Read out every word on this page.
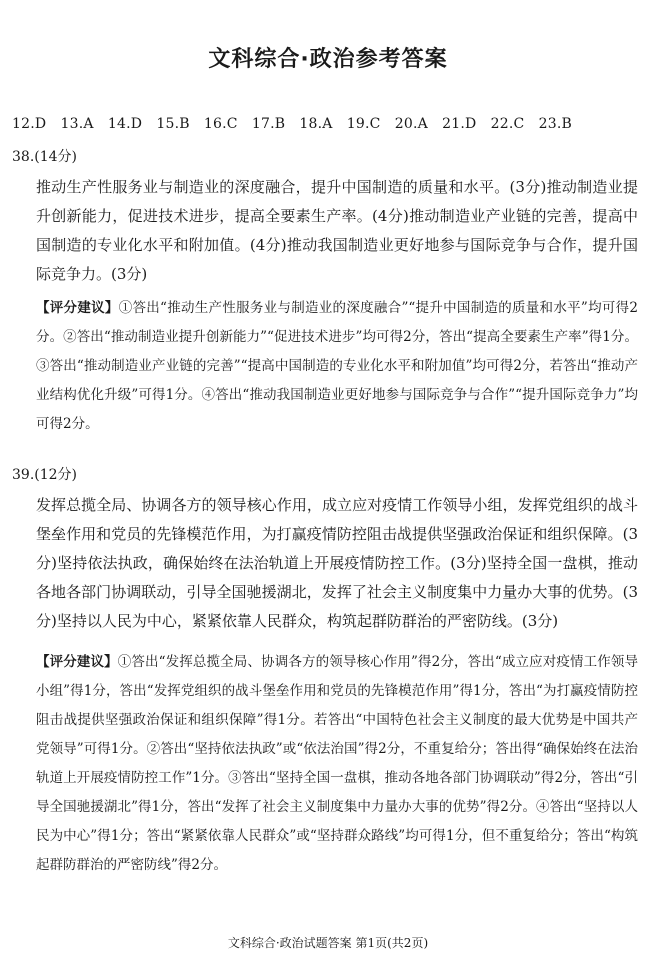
文科综合·政治参考答案
12.D　13.A　14.D　15.B　16.C　17.B　18.A　19.C　20.A　21.D　22.C　23.B
38.(14分)

推动生产性服务业与制造业的深度融合，提升中国制造的质量和水平。(3分)推动制造业提升创新能力，促进技术进步，提高全要素生产率。(4分)推动制造业产业链的完善，提高中国制造的专业化水平和附加值。(4分)推动我国制造业更好地参与国际竞争与合作，提升国际竞争力。(3分)

【评分建议】①答出“推动生产性服务业与制造业的深度融合”“提升中国制造的质量和水平”均可得2分。②答出“推动制造业提升创新能力”“促进技术进步”均可得2分，答出“提高全要素生产率”得1分。③答出“推动制造业产业链的完善”“提高中国制造的专业化水平和附加值”均可得2分，若答出“推动产业结构优化升级”可得1分。④答出“推动我国制造业更好地参与国际竞争与合作”“提升国际竞争力”均可得2分。
39.(12分)

发挥总揽全局、协调各方的领导核心作用，成立应对疫情工作领导小组，发挥党组织的战斗堡垒作用和党员的先锋模范作用，为打赢疫情防控阻击战提供坚强政治保证和组织保障。(3分)坚持依法执政，确保始终在法治轨道上开展疫情防控工作。(3分)坚持全国一盘棋，推动各地各部门协调联动，引导全国驰援湖北，发挥了社会主义制度集中力量办大事的优势。(3分)坚持以人民为中心，紧紧依靠人民群众，构筑起群防群治的严密防线。(3分)

【评分建议】①答出“发挥总揽全局、协调各方的领导核心作用”得2分，答出“成立应对疫情工作领导小组”得1分，答出“发挥党组织的战斗堡垒作用和党员的先锋模范作用”得1分，答出“为打赢疫情防控阻击战提供坚强政治保证和组织保障”得1分。若答出“中国特色社会主义制度的最大优势是中国共产党领导”可得1分。②答出“坚持依法执政”或“依法治国”得2分，不重复给分；答出得“确保始终在法治轨道上开展疫情防控工作”1分。③答出“坚持全国一盘棋，推动各地各部门协调联动”得2分，答出“引导全国驰援湖北”得1分，答出“发挥了社会主义制度集中力量办大事的优势”得2分。④答出“坚持以人民为中心”得1分；答出“紧紧依靠人民群众”或“坚持群众路线”均可得1分，但不重复给分；答出“构筑起群防群治的严密防线”得2分。
文科综合·政治试题答案 第1页(共2页)
